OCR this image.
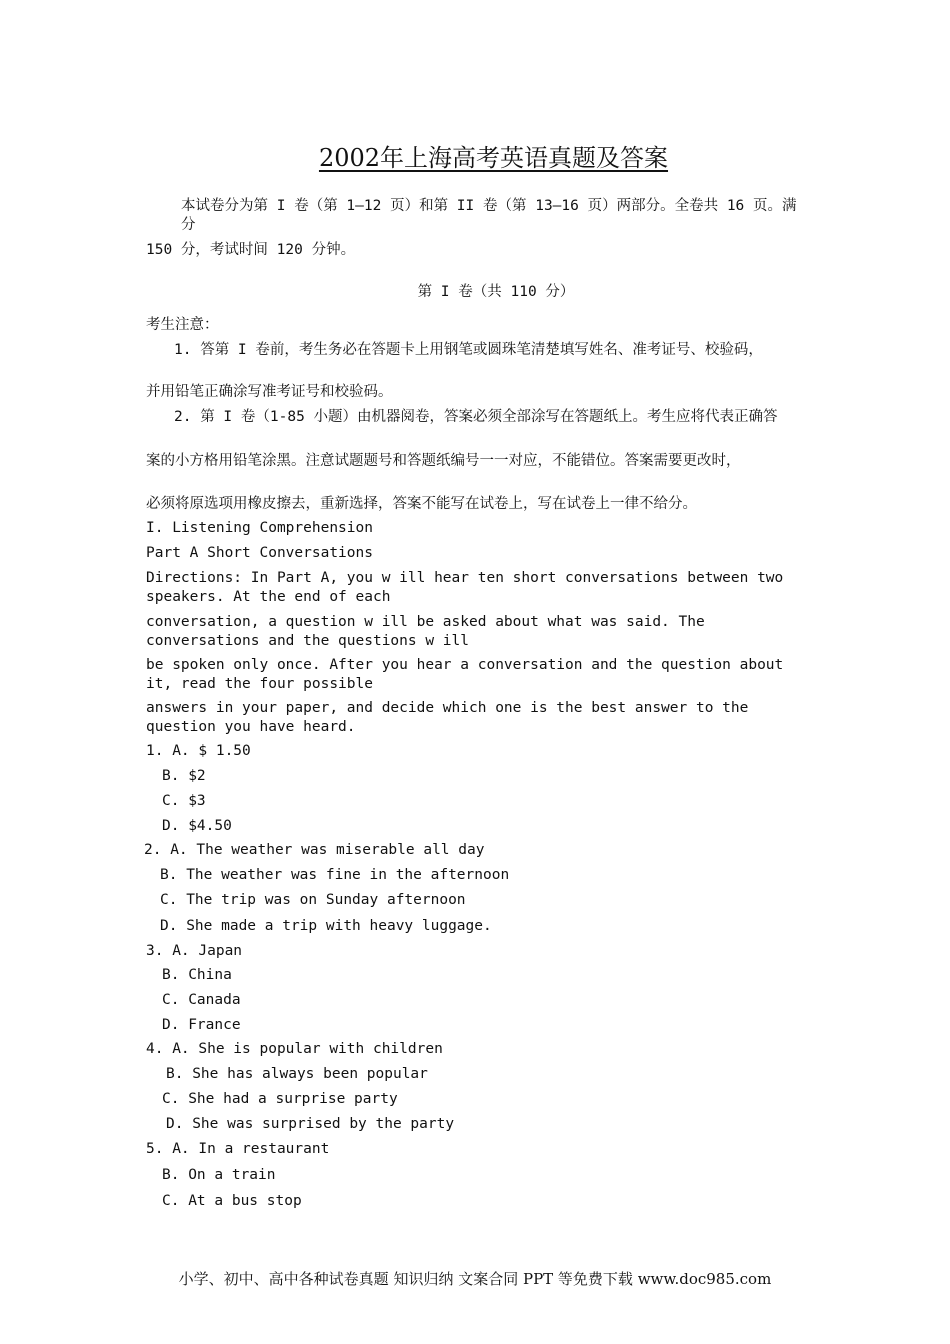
2002年上海高考英语真题及答案
本试卷分为第 I 卷（第 1—12 页）和第 II 卷（第 13—16 页）两部分。全卷共 16 页。满分
150 分，考试时间 120 分钟。
第 I 卷（共 110 分）
考生注意：
1. 答第 I 卷前，考生务必在答题卡上用钢笔或圆珠笔清楚填写姓名、准考证号、校验码，
并用铅笔正确涂写准考证号和校验码。
2. 第 I 卷（1-85 小题）由机器阅卷，答案必须全部涂写在答题纸上。考生应将代表正确答
案的小方格用铅笔涂黑。注意试题题号和答题纸编号一一对应，不能错位。答案需要更改时，
必须将原选项用橡皮擦去，重新选择，答案不能写在试卷上，写在试卷上一律不给分。
I. Listening Comprehension
Part A Short Conversations
Directions: In Part A, you w ill hear ten short conversations between two speakers. At the end of each
conversation, a question w ill be asked about what was said. The conversations and the questions w ill
be spoken only once. After you hear a conversation and the question about it, read the four possible
answers in your paper, and decide which one is the best answer to the question you have heard.
1. A. $ 1.50
B. $2
C. $3
D. $4.50
2. A. The weather was miserable all day
B. The weather was fine in the afternoon
C. The trip was on Sunday afternoon
D. She made a trip with heavy luggage.
3. A. Japan
B. China
C. Canada
D. France
4. A. She is popular with children
B. She has always been popular
C. She had a surprise party
D. She was surprised by the party
5. A. In a restaurant
B. On a train
C. At a bus stop
小学、初中、高中各种试卷真题 知识归纳 文案合同 PPT 等免费下载 www.doc985.com
